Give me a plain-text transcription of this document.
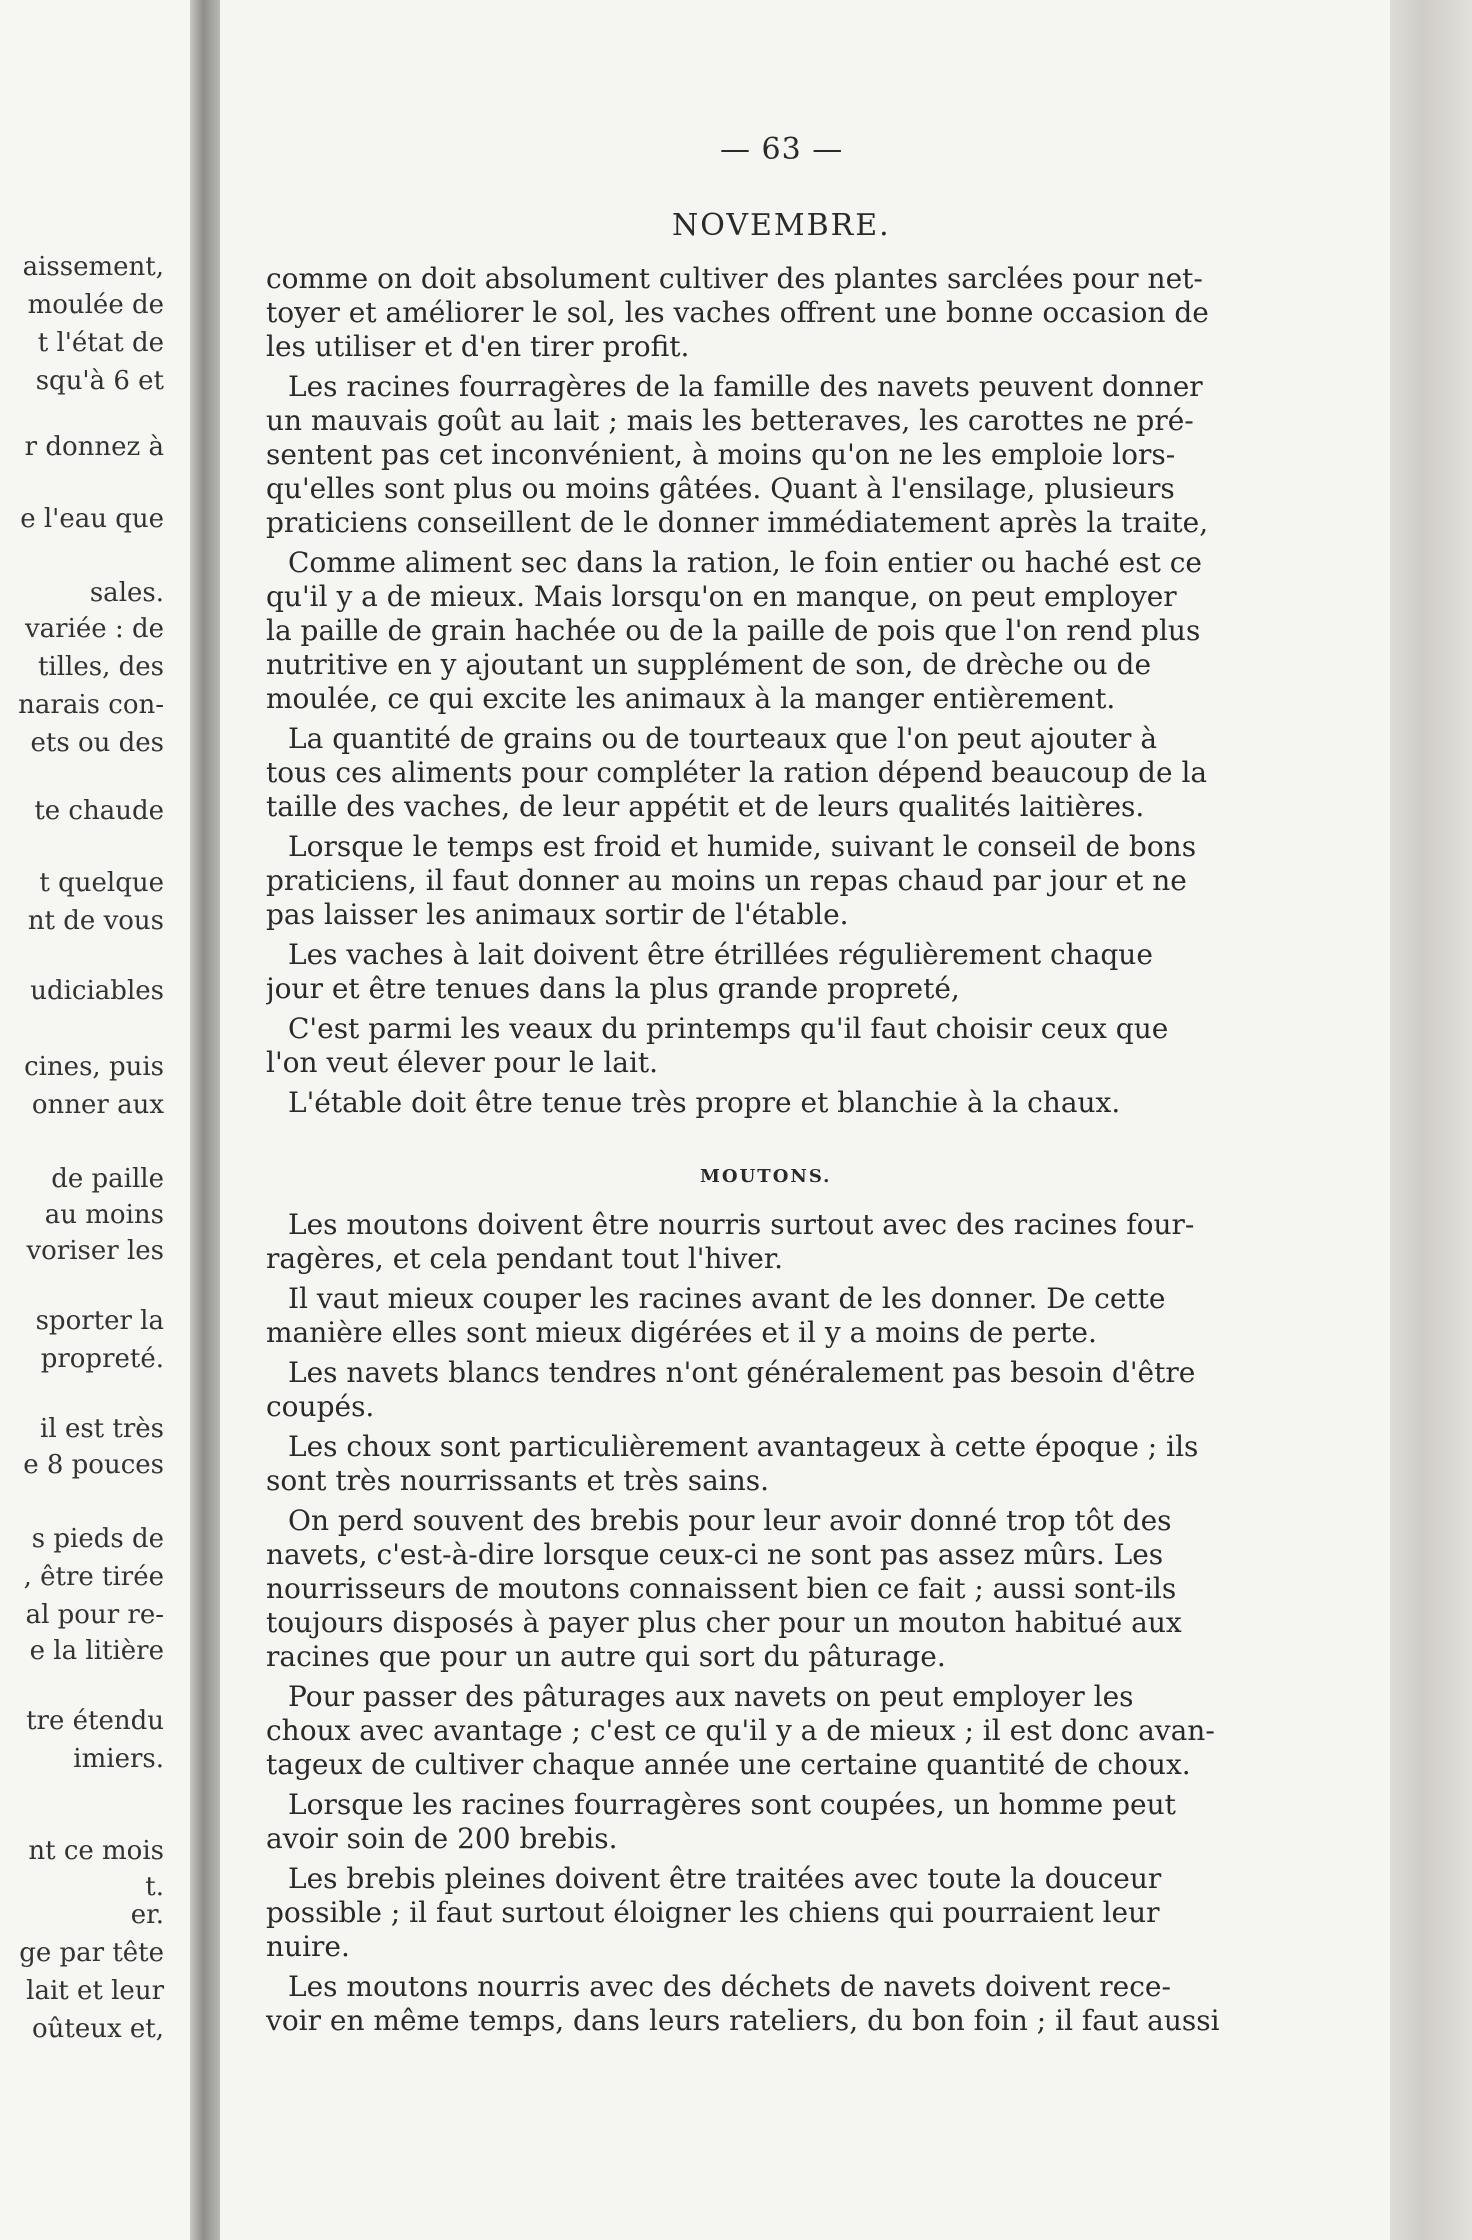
aissement,
moulée de
t l'état de
squ'à 6 et
r donnez à
e l'eau que
sales.
variée : de
tilles, des
narais con-
ets ou des
te chaude
t quelque
nt de vous
udiciables
cines, puis
onner aux
de paille
au moins
voriser les
sporter la
propreté.
il est très
e 8 pouces
s pieds de
, être tirée
al pour re-
e la litière
tre étendu
imiers.
nt ce mois
t.
er.
ge par tête
lait et leur
oûteux et,
— 63 —
NOVEMBRE.
comme on doit absolument cultiver des plantes sarclées pour net-
toyer et améliorer le sol, les vaches offrent une bonne occasion de
les utiliser et d'en tirer profit.
Les racines fourragères de la famille des navets peuvent donner
un mauvais goût au lait ; mais les betteraves, les carottes ne pré-
sentent pas cet inconvénient, à moins qu'on ne les emploie lors-
qu'elles sont plus ou moins gâtées. Quant à l'ensilage, plusieurs
praticiens conseillent de le donner immédiatement après la traite,
Comme aliment sec dans la ration, le foin entier ou haché est ce
qu'il y a de mieux. Mais lorsqu'on en manque, on peut employer
la paille de grain hachée ou de la paille de pois que l'on rend plus
nutritive en y ajoutant un supplément de son, de drèche ou de
moulée, ce qui excite les animaux à la manger entièrement.
La quantité de grains ou de tourteaux que l'on peut ajouter à
tous ces aliments pour compléter la ration dépend beaucoup de la
taille des vaches, de leur appétit et de leurs qualités laitières.
Lorsque le temps est froid et humide, suivant le conseil de bons
praticiens, il faut donner au moins un repas chaud par jour et ne
pas laisser les animaux sortir de l'étable.
Les vaches à lait doivent être étrillées régulièrement chaque
jour et être tenues dans la plus grande propreté,
C'est parmi les veaux du printemps qu'il faut choisir ceux que
l'on veut élever pour le lait.
L'étable doit être tenue très propre et blanchie à la chaux.
MOUTONS.
Les moutons doivent être nourris surtout avec des racines four-
ragères, et cela pendant tout l'hiver.
Il vaut mieux couper les racines avant de les donner. De cette
manière elles sont mieux digérées et il y a moins de perte.
Les navets blancs tendres n'ont généralement pas besoin d'être
coupés.
Les choux sont particulièrement avantageux à cette époque ; ils
sont très nourrissants et très sains.
On perd souvent des brebis pour leur avoir donné trop tôt des
navets, c'est-à-dire lorsque ceux-ci ne sont pas assez mûrs. Les
nourrisseurs de moutons connaissent bien ce fait ; aussi sont-ils
toujours disposés à payer plus cher pour un mouton habitué aux
racines que pour un autre qui sort du pâturage.
Pour passer des pâturages aux navets on peut employer les
choux avec avantage ; c'est ce qu'il y a de mieux ; il est donc avan-
tageux de cultiver chaque année une certaine quantité de choux.
Lorsque les racines fourragères sont coupées, un homme peut
avoir soin de 200 brebis.
Les brebis pleines doivent être traitées avec toute la douceur
possible ; il faut surtout éloigner les chiens qui pourraient leur
nuire.
Les moutons nourris avec des déchets de navets doivent rece-
voir en même temps, dans leurs rateliers, du bon foin ; il faut aussi
